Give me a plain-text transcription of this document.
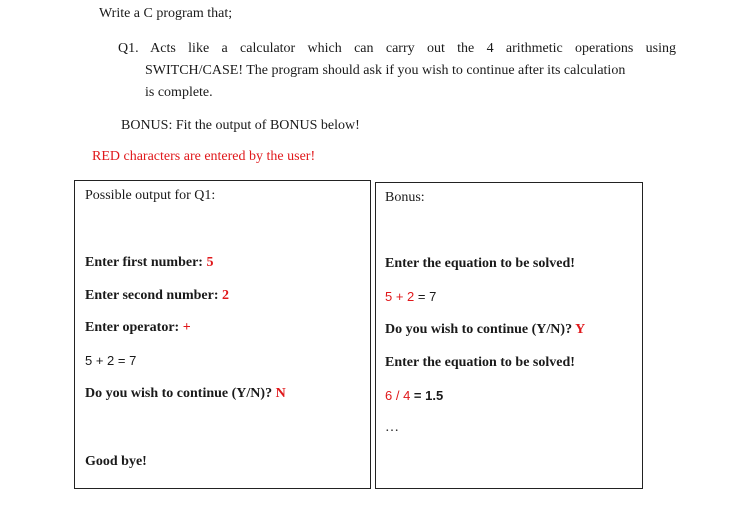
Write a C program that;
Q1. Acts like a calculator which can carry out the 4 arithmetic operations using
SWITCH/CASE! The program should ask if you wish to continue after its calculation
is complete.
BONUS: Fit the output of BONUS below!
RED characters are entered by the user!
Possible output for Q1:
Enter first number: 5
Enter second number: 2
Enter operator: +
5 + 2 = 7
Do you wish to continue (Y/N)? N
Good bye!
Bonus:
Enter the equation to be solved!
5 + 2 = 7
Do you wish to continue (Y/N)? Y
Enter the equation to be solved!
6 / 4 = 1.5
…
